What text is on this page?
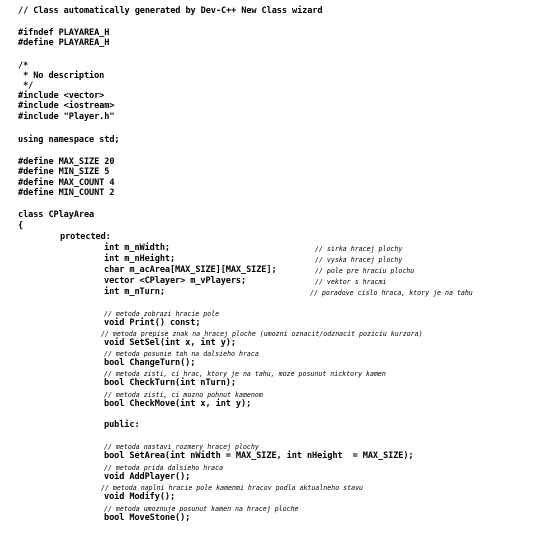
// Class automatically generated by Dev-C++ New Class wizard
#ifndef PLAYAREA_H
#define PLAYAREA_H
/*
* No description
*/
#include <vector>
#include <iostream>
#include "Player.h"
using namespace std;
#define MAX_SIZE 20
#define MIN_SIZE 5
#define MAX_COUNT 4
#define MIN_COUNT 2
class CPlayArea
{
protected:
int m_nWidth;	// sirka hracej plochy
int m_nHeight;	// vyska hracej plochy
char m_acArea[MAX_SIZE][MAX_SIZE];	// pole pre hraciu plochu
vector <CPlayer> m_vPlayers;	// vektor s hracmi
int m_nTurn;	// poradove cislo hraca, ktory je na tahu
// metoda zobrazi hracie pole
void Print() const;
// metoda prepise znak na hracej ploche (umozni oznacit/odznacit poziciu kurzora)
void SetSel(int x, int y);
// metoda posunie tah na dalsieho hraca
bool ChangeTurn();
// metoda zisti, ci hrac, ktory je na tahu, moze posunut nicktory kamen
bool CheckTurn(int nTurn);
// metoda zisti, ci mozno pohnut kamenom
bool CheckMove(int x, int y);
public:
// metoda nastavi rozmery hracej plochy
bool SetArea(int nWidth = MAX_SIZE, int nHeight  = MAX_SIZE);
// metoda prida dalsieho hraca
void AddPlayer();
// metoda naplni hracie pole kamenmi hracov podla aktualneho stavu
void Modify();
// metoda umoznuje posunut kamen na hracej ploche
bool MoveStone();
